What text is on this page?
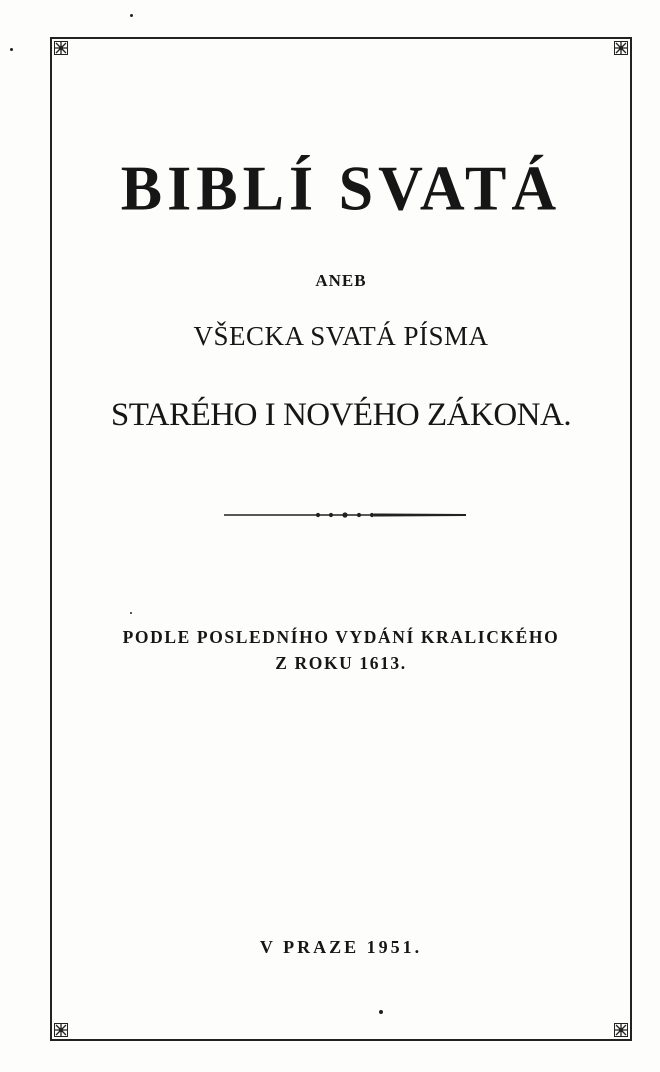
BIBLÍ SVATÁ
ANEB
VŠECKA SVATÁ PÍSMA
STARÉHO I NOVÉHO ZÁKONA.
PODLE POSLEDNÍHO VYDÁNÍ KRALICKÉHO
Z ROKU 1613.
V PRAZE 1951.
